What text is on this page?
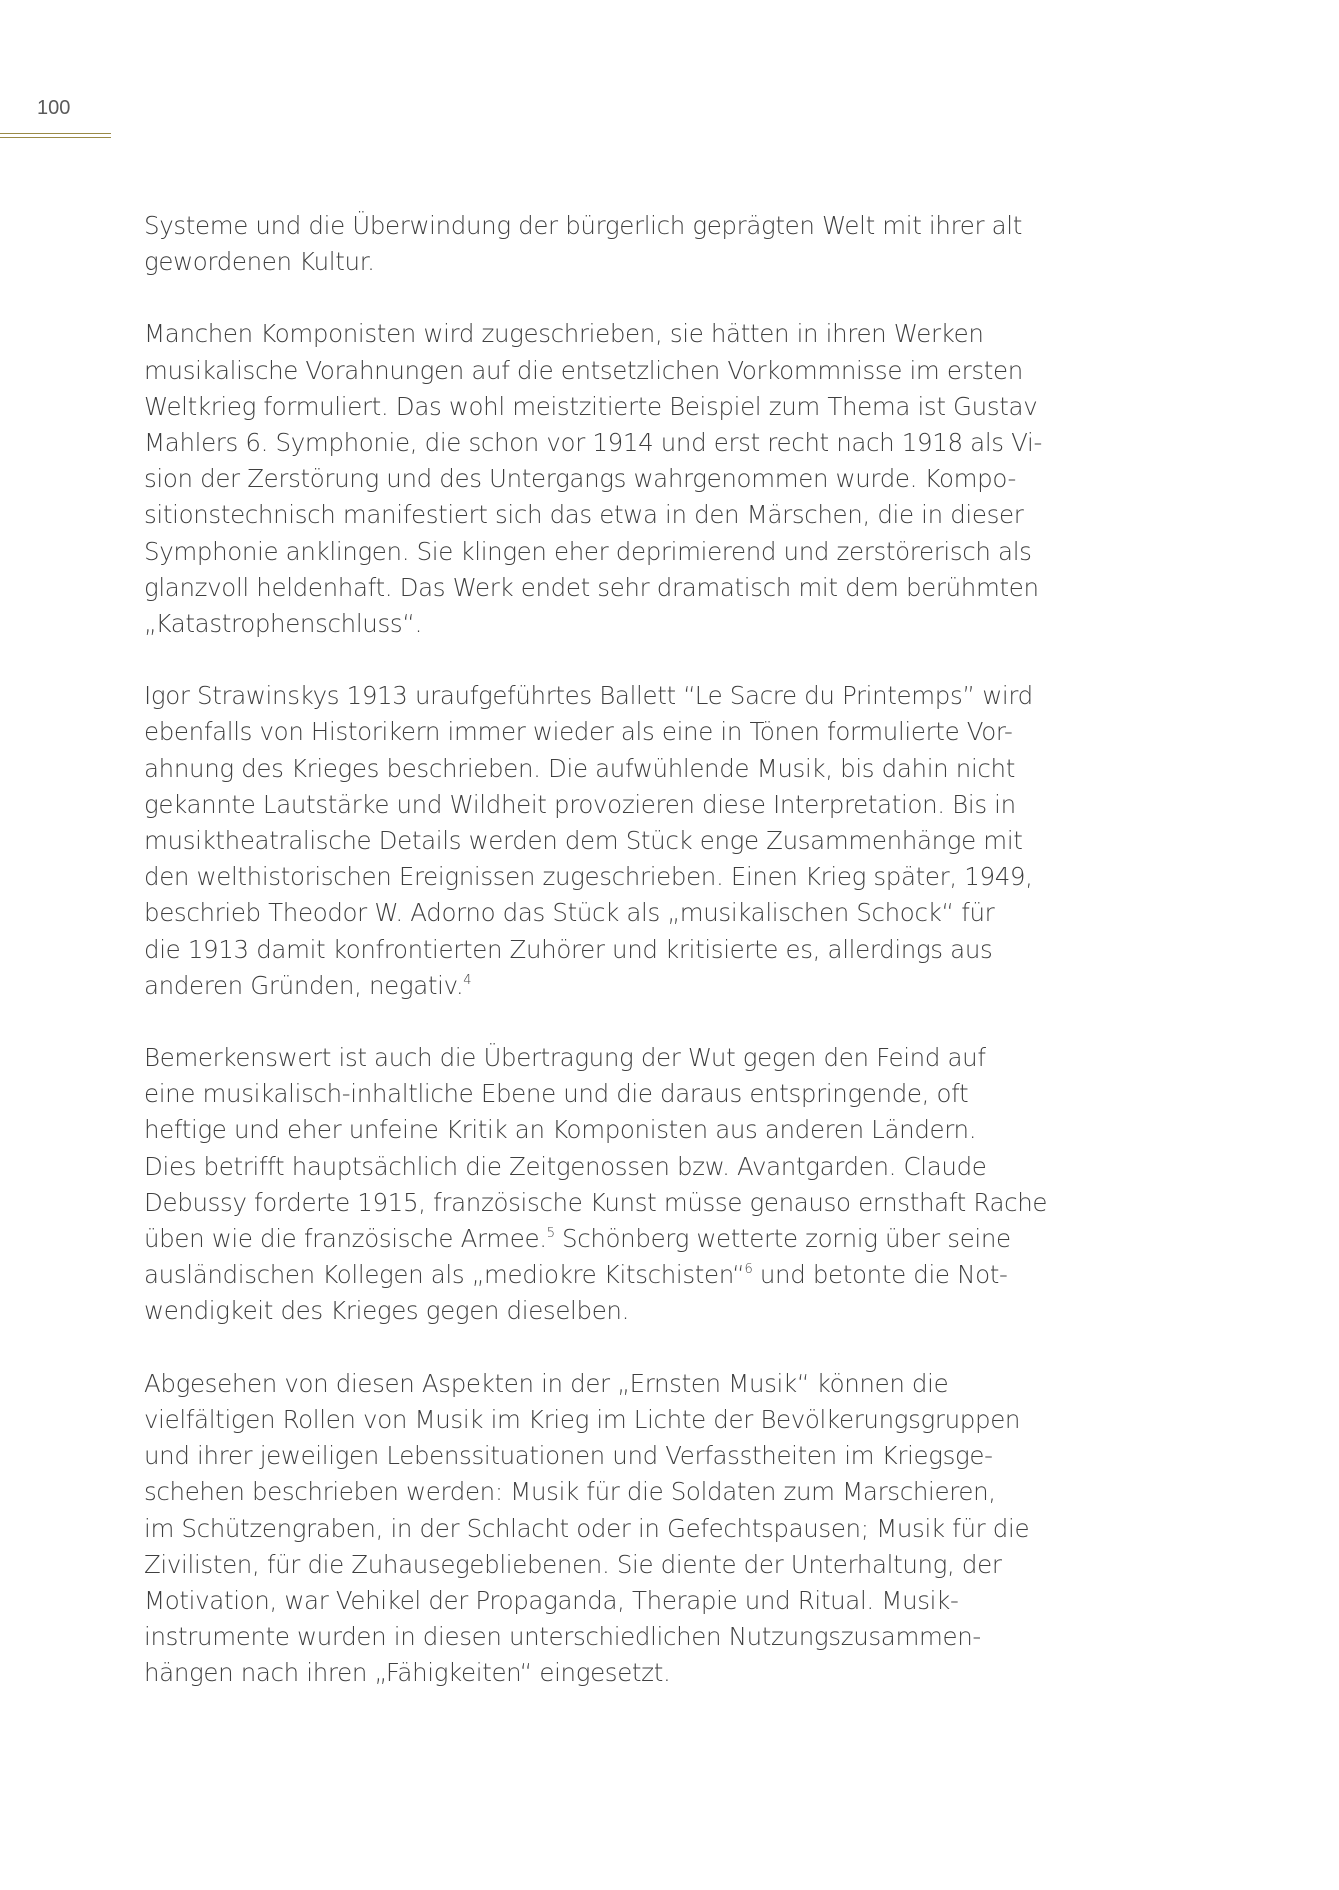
100

Systeme und die Überwindung der bürgerlich geprägten Welt mit ihrer alt
gewordenen Kultur.

Manchen Komponisten wird zugeschrieben, sie hätten in ihren Werken
musikalische Vorahnungen auf die entsetzlichen Vorkommnisse im ersten
Weltkrieg formuliert. Das wohl meistzitierte Beispiel zum Thema ist Gustav
Mahlers 6. Symphonie, die schon vor 1914 und erst recht nach 1918 als Vi-
sion der Zerstörung und des Untergangs wahrgenommen wurde. Kompo-
sitionstechnisch manifestiert sich das etwa in den Märschen, die in dieser
Symphonie anklingen. Sie klingen eher deprimierend und zerstörerisch als
glanzvoll heldenhaft. Das Werk endet sehr dramatisch mit dem berühmten
„Katastrophenschluss“.

Igor Strawinskys 1913 uraufgeführtes Ballett “Le Sacre du Printemps” wird
ebenfalls von Historikern immer wieder als eine in Tönen formulierte Vor-
ahnung des Krieges beschrieben. Die aufwühlende Musik, bis dahin nicht
gekannte Lautstärke und Wildheit provozieren diese Interpretation. Bis in
musiktheatralische Details werden dem Stück enge Zusammenhänge mit
den welthistorischen Ereignissen zugeschrieben. Einen Krieg später, 1949,
beschrieb Theodor W. Adorno das Stück als „musikalischen Schock“ für
die 1913 damit konfrontierten Zuhörer und kritisierte es, allerdings aus
anderen Gründen, negativ.$^4$

Bemerkenswert ist auch die Übertragung der Wut gegen den Feind auf
eine musikalisch-inhaltliche Ebene und die daraus entspringende, oft
heftige und eher unfeine Kritik an Komponisten aus anderen Ländern.
Dies betrifft hauptsächlich die Zeitgenossen bzw. Avantgarden. Claude
Debussy forderte 1915, französische Kunst müsse genauso ernsthaft Rache
üben wie die französische Armee.$^5$ Schönberg wetterte zornig über seine
ausländischen Kollegen als „mediokre Kitschisten“$^6$ und betonte die Not-
wendigkeit des Krieges gegen dieselben.

Abgesehen von diesen Aspekten in der „Ernsten Musik“ können die
vielfältigen Rollen von Musik im Krieg im Lichte der Bevölkerungsgruppen
und ihrer jeweiligen Lebenssituationen und Verfasstheiten im Kriegsge-
schehen beschrieben werden: Musik für die Soldaten zum Marschieren,
im Schützengraben, in der Schlacht oder in Gefechtspausen; Musik für die
Zivilisten, für die Zuhausegebliebenen. Sie diente der Unterhaltung, der
Motivation, war Vehikel der Propaganda, Therapie und Ritual. Musik-
instrumente wurden in diesen unterschiedlichen Nutzungszusammen-
hängen nach ihren „Fähigkeiten“ eingesetzt.
